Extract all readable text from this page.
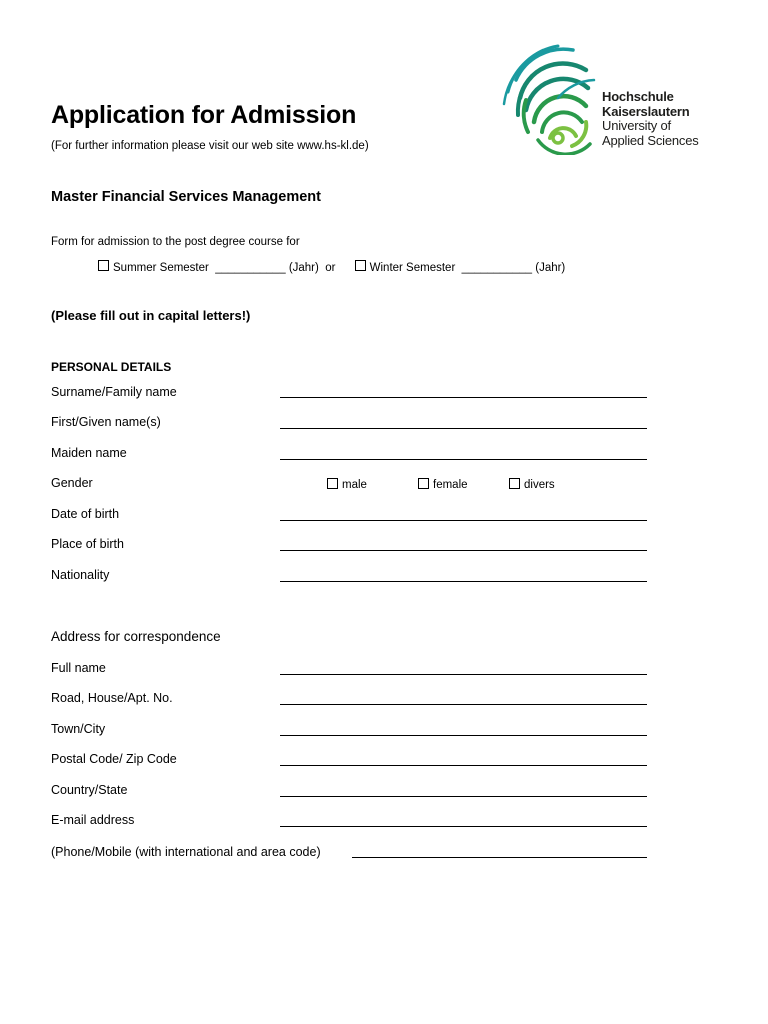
Application for Admission
(For further information please visit our web site www.hs-kl.de)
Hochschule
Kaiserslautern
University of
Applied Sciences
Master Financial Services Management
Form for admission to the post degree course for
Summer Semester
___________
(Jahr)
or
	Winter Semester
___________
(Jahr)
(Please fill out in capital letters!)
PERSONAL DETAILS
Surname/Family name
First/Given name(s)
Maiden name
Gender	male	female	divers
Date of birth
Place of birth
Nationality
Address for correspondence
Full name
Road, House/Apt. No.
Town/City
Postal Code/ Zip Code
Country/State
E-mail address
(Phone/Mobile (with international and area code)
